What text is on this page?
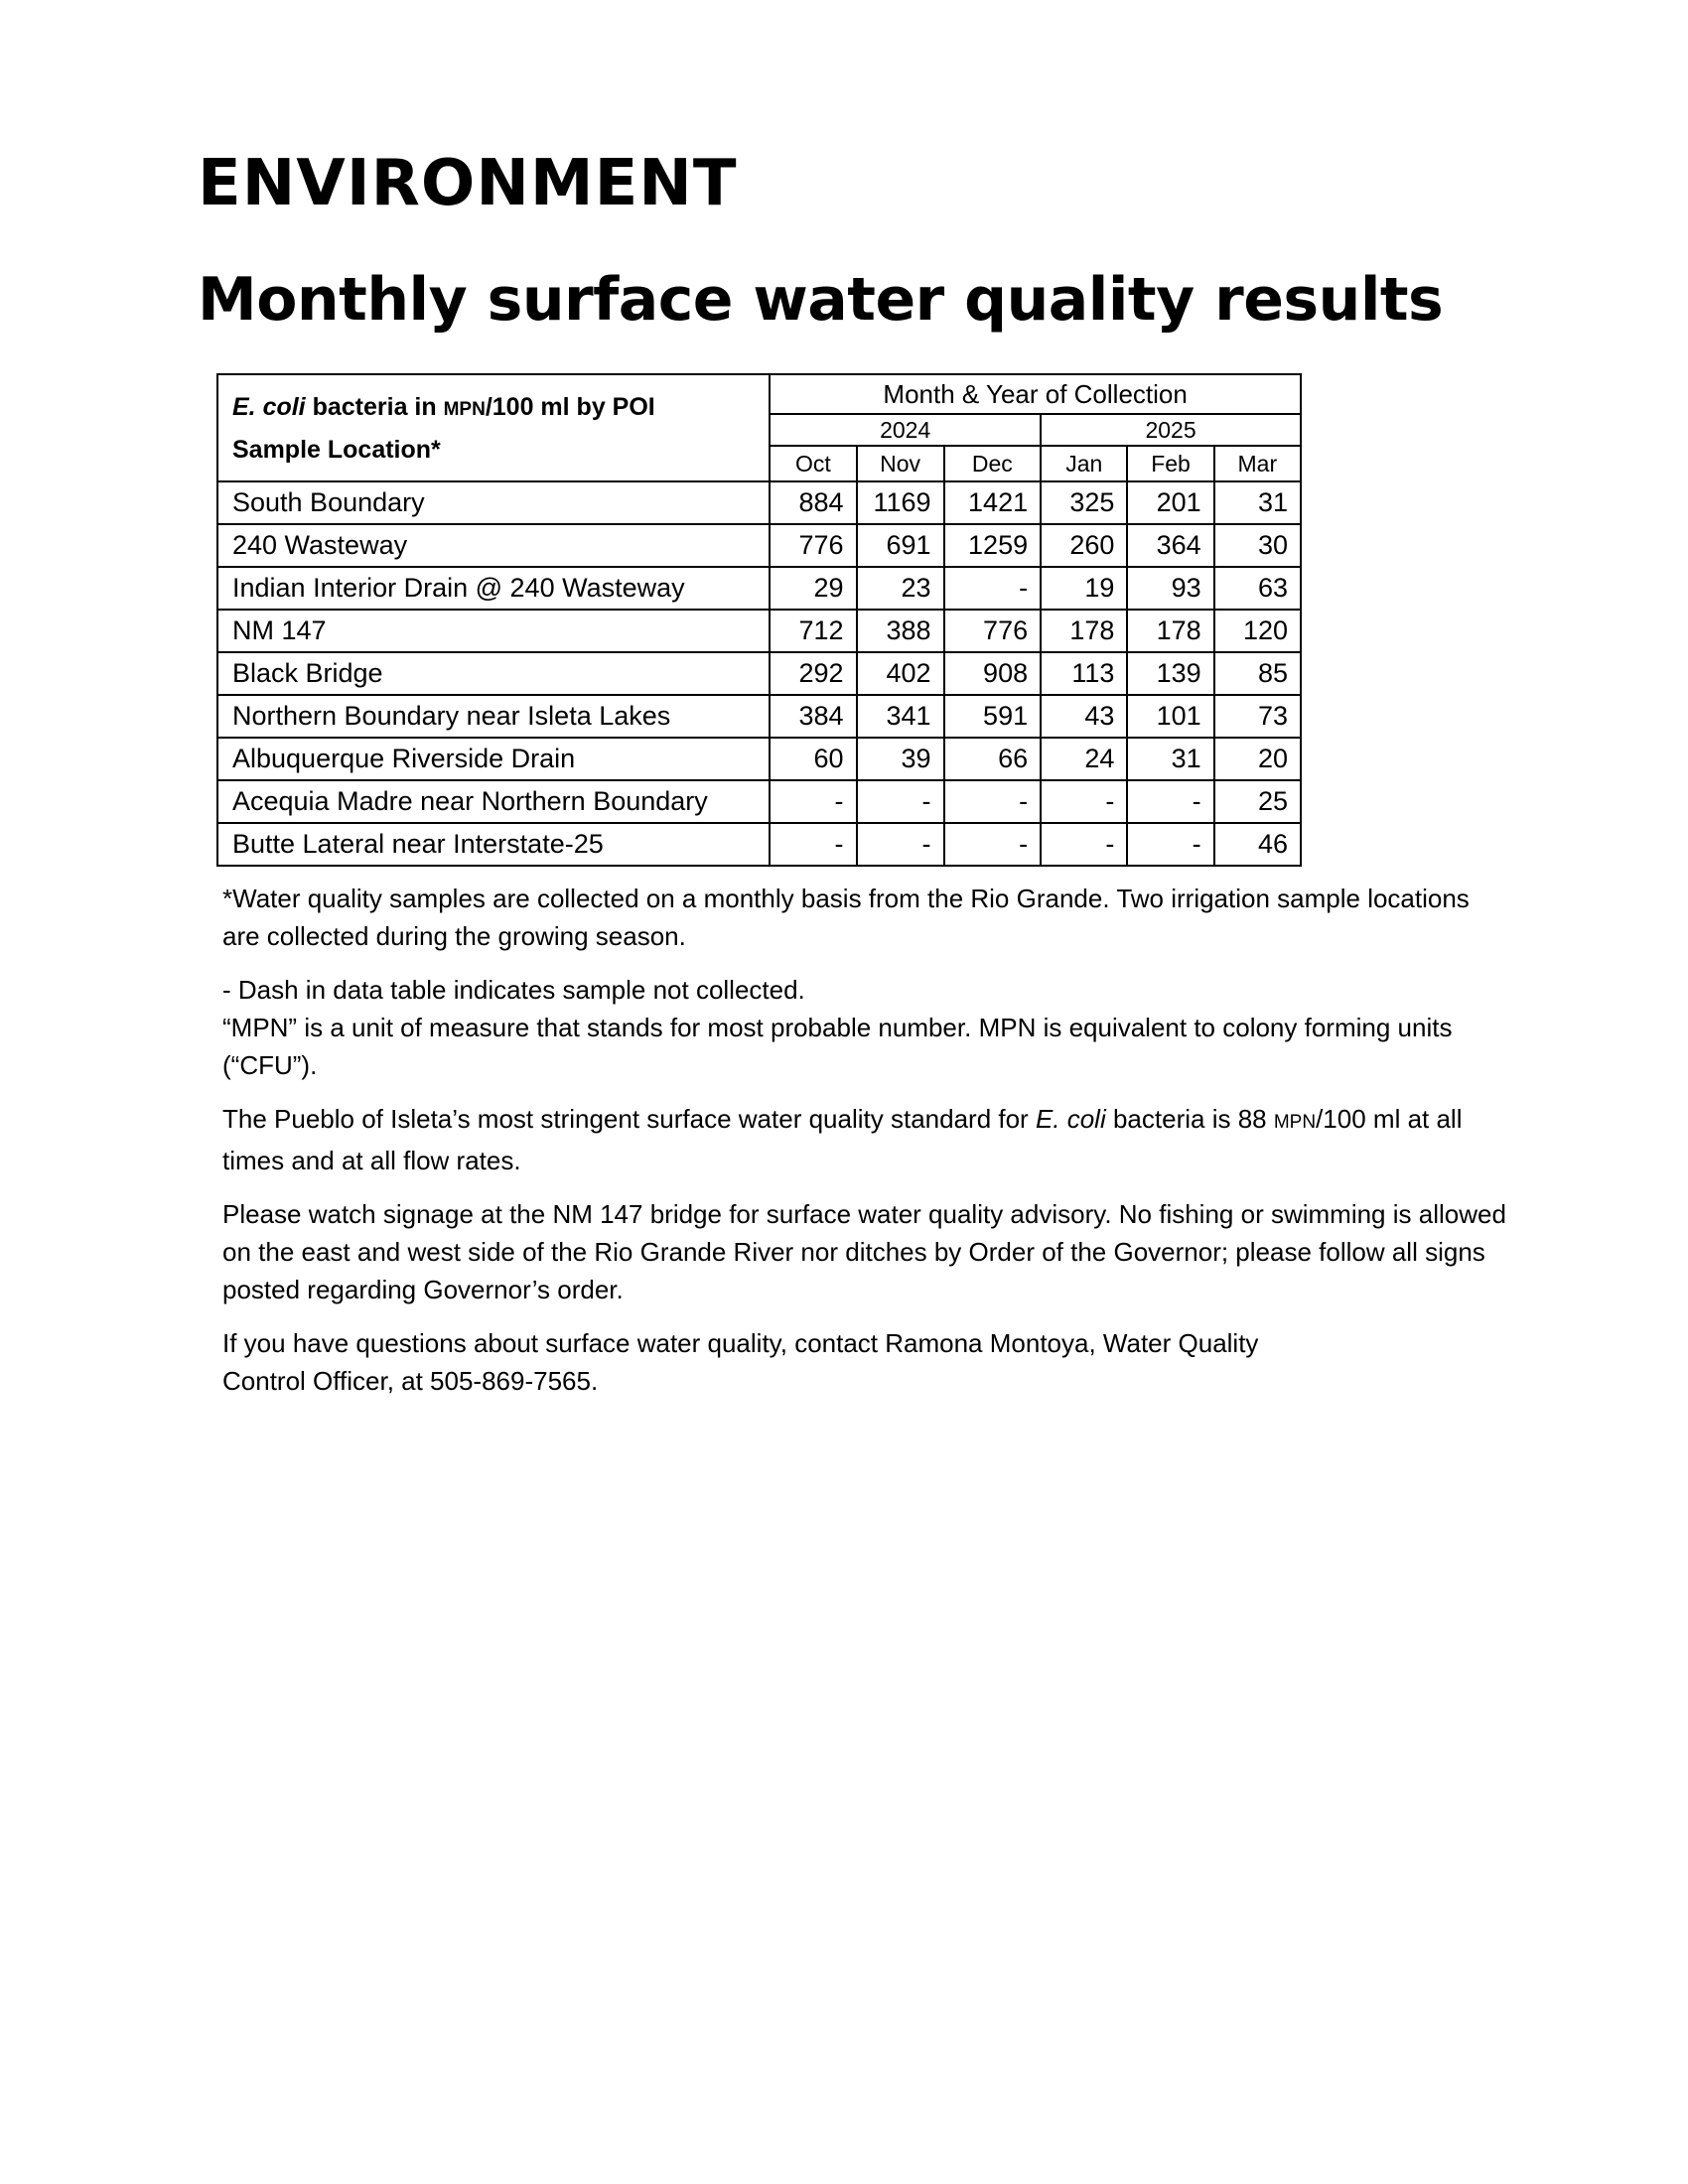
ENVIRONMENT
Monthly surface water quality results
E. coli bacteria in MPN/100 ml by POI
Sample Location*	Month & Year of Collection					
	2024			2025		
	Oct	Nov	Dec	Jan	Feb	Mar
South Boundary	884	1169	1421	325	201	31
240 Wasteway	776	691	1259	260	364	30
Indian Interior Drain @ 240 Wasteway	29	23	-	19	93	63
NM 147	712	388	776	178	178	120
Black Bridge	292	402	908	113	139	85
Northern Boundary near Isleta Lakes	384	341	591	43	101	73
Albuquerque Riverside Drain	60	39	66	24	31	20
Acequia Madre near Northern Boundary	-	-	-	-	-	25
Butte Lateral near Interstate-25	-	-	-	-	-	46

*Water quality samples are collected on a monthly basis from the Rio Grande. Two irrigation sample locations are collected during the growing season.

- Dash in data table indicates sample not collected.
“MPN” is a unit of measure that stands for most probable number. MPN is equivalent to colony forming units (“CFU”).

The Pueblo of Isleta’s most stringent surface water quality standard for E. coli bacteria is 88 MPN/100 ml at all times and at all flow rates.

Please watch signage at the NM 147 bridge for surface water quality advisory. No fishing or swimming is allowed on the east and west side of the Rio Grande River nor ditches by Order of the Governor; please follow all signs posted regarding Governor’s order.

If you have questions about surface water quality, contact Ramona Montoya, Water Quality
Control Officer, at 505-869-7565.
